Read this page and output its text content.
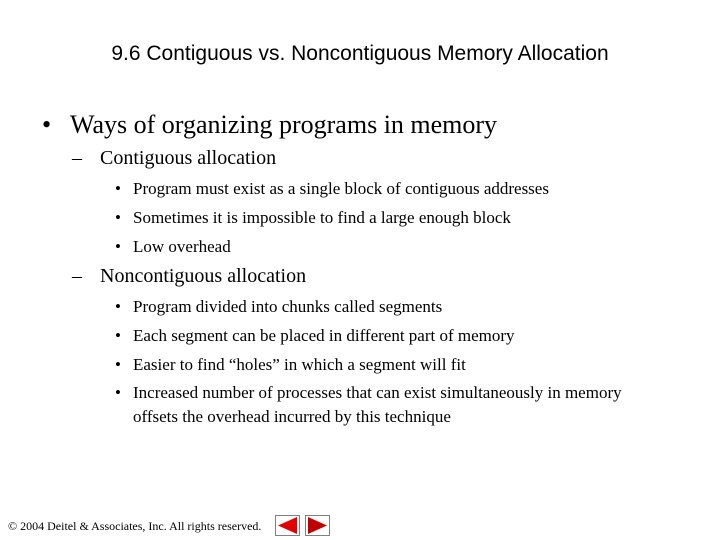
9.6 Contiguous vs. Noncontiguous Memory Allocation
• Ways of organizing programs in memory
– Contiguous allocation
• Program must exist as a single block of contiguous addresses
• Sometimes it is impossible to find a large enough block
• Low overhead
– Noncontiguous allocation
• Program divided into chunks called segments
• Each segment can be placed in different part of memory
• Easier to find “holes” in which a segment will fit
• Increased number of processes that can exist simultaneously in memory offsets the overhead incurred by this technique
© 2004 Deitel & Associates, Inc. All rights reserved.
